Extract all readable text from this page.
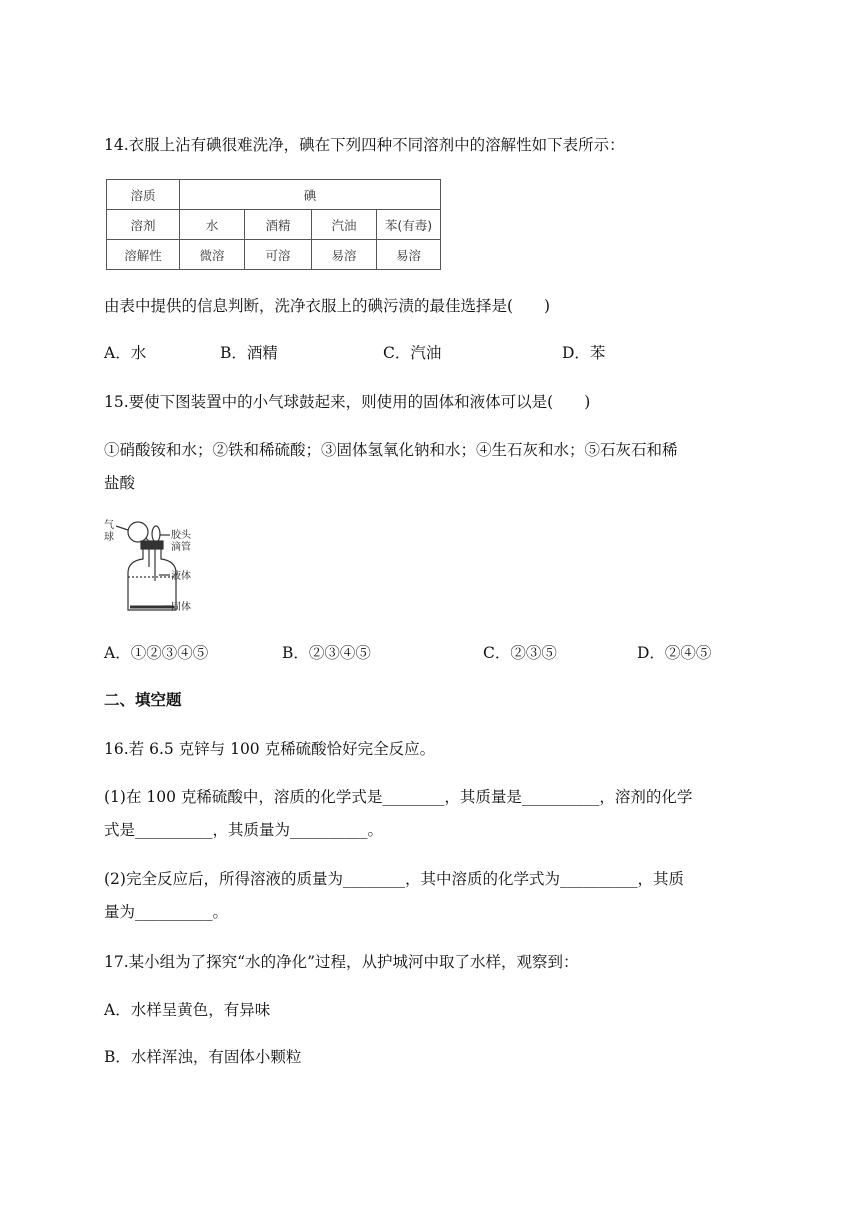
14.衣服上沾有碘很难洗净，碘在下列四种不同溶剂中的溶解性如下表所示：
溶质	碘			
溶剂	水	酒精	汽油	苯(有毒)
溶解性	微溶	可溶	易溶	易溶
由表中提供的信息判断，洗净衣服上的碘污渍的最佳选择是(　　)
A．水	B．酒精	C．汽油	D．苯
15.要使下图装置中的小气球鼓起来，则使用的固体和液体可以是(　　)
①硝酸铵和水；②铁和稀硫酸；③固体氢氧化钠和水；④生石灰和水；⑤石灰石和稀
盐酸
气
球	胶头
滴管
液体
固体
A．①②③④⑤	B．②③④⑤	C．②③⑤	D．②④⑤
二、填空题
16.若 6.5 克锌与 100 克稀硫酸恰好完全反应。
(1)在 100 克稀硫酸中，溶质的化学式是________，其质量是__________，溶剂的化学
式是__________，其质量为__________。
(2)完全反应后，所得溶液的质量为________，其中溶质的化学式为__________，其质
量为__________。
17.某小组为了探究“水的净化”过程，从护城河中取了水样，观察到：
A．水样呈黄色，有异味
B．水样浑浊，有固体小颗粒
